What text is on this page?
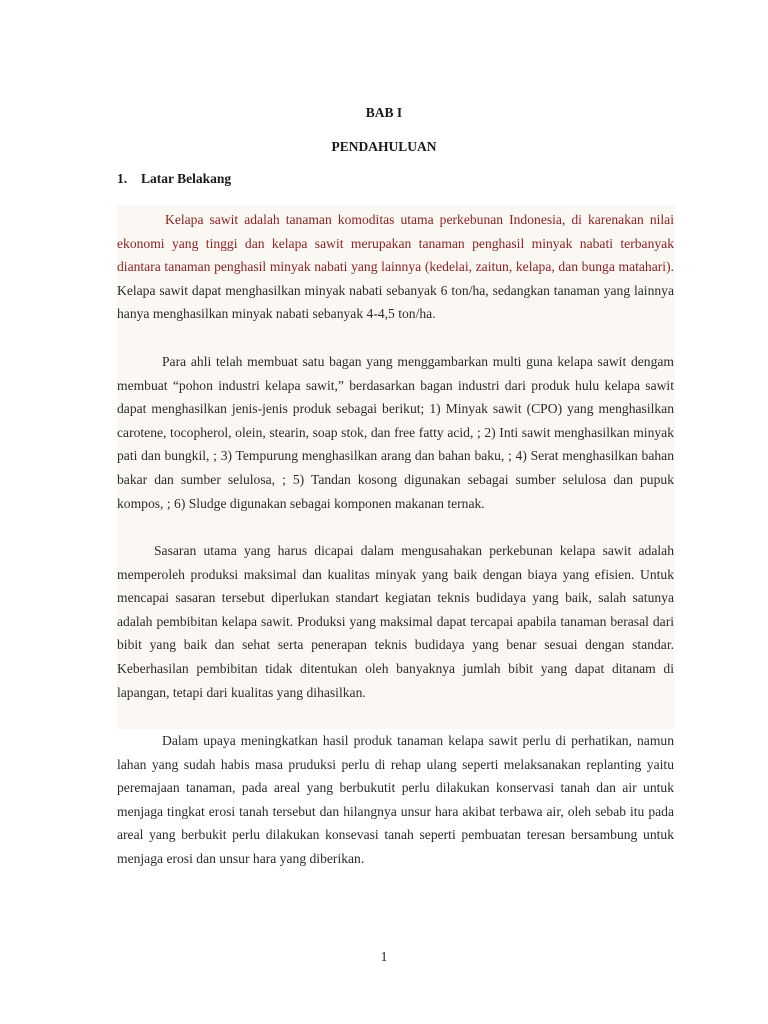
BAB I
PENDAHULUAN
1. Latar Belakang

Kelapa sawit adalah tanaman komoditas utama perkebunan Indonesia, di karenakan nilai ekonomi yang tinggi dan kelapa sawit merupakan tanaman penghasil minyak nabati terbanyak diantara tanaman penghasil minyak nabati yang lainnya (kedelai, zaitun, kelapa, dan bunga matahari). Kelapa sawit dapat menghasilkan minyak nabati sebanyak 6 ton/ha, sedangkan tanaman yang lainnya hanya menghasilkan minyak nabati sebanyak 4-4,5 ton/ha.

Para ahli telah membuat satu bagan yang menggambarkan multi guna kelapa sawit dengam membuat “pohon industri kelapa sawit,” berdasarkan bagan industri dari produk hulu kelapa sawit dapat menghasilkan jenis-jenis produk sebagai berikut; 1) Minyak sawit (CPO) yang menghasilkan carotene, tocopherol, olein, stearin, soap stok, dan free fatty acid, ; 2) Inti sawit menghasilkan minyak pati dan bungkil, ; 3) Tempurung menghasilkan arang dan bahan baku, ; 4) Serat menghasilkan bahan bakar dan sumber selulosa, ; 5) Tandan kosong digunakan sebagai sumber selulosa dan pupuk kompos, ; 6) Sludge digunakan sebagai komponen makanan ternak.

Sasaran utama yang harus dicapai dalam mengusahakan perkebunan kelapa sawit adalah memperoleh produksi maksimal dan kualitas minyak yang baik dengan biaya yang efisien. Untuk mencapai sasaran tersebut diperlukan standart kegiatan teknis budidaya yang baik, salah satunya adalah pembibitan kelapa sawit. Produksi yang maksimal dapat tercapai apabila tanaman berasal dari bibit yang baik dan sehat serta penerapan teknis budidaya yang benar sesuai dengan standar. Keberhasilan pembibitan tidak ditentukan oleh banyaknya jumlah bibit yang dapat ditanam di lapangan, tetapi dari kualitas yang dihasilkan.

Dalam upaya meningkatkan hasil produk tanaman kelapa sawit perlu di perhatikan, namun lahan yang sudah habis masa pruduksi perlu di rehap ulang seperti melaksanakan replanting yaitu peremajaan tanaman, pada areal yang berbukutit perlu dilakukan konservasi tanah dan air untuk menjaga tingkat erosi tanah tersebut dan hilangnya unsur hara akibat terbawa air, oleh sebab itu pada areal yang berbukit perlu dilakukan konsevasi tanah seperti pembuatan teresan bersambung untuk menjaga erosi dan unsur hara yang diberikan.

1
